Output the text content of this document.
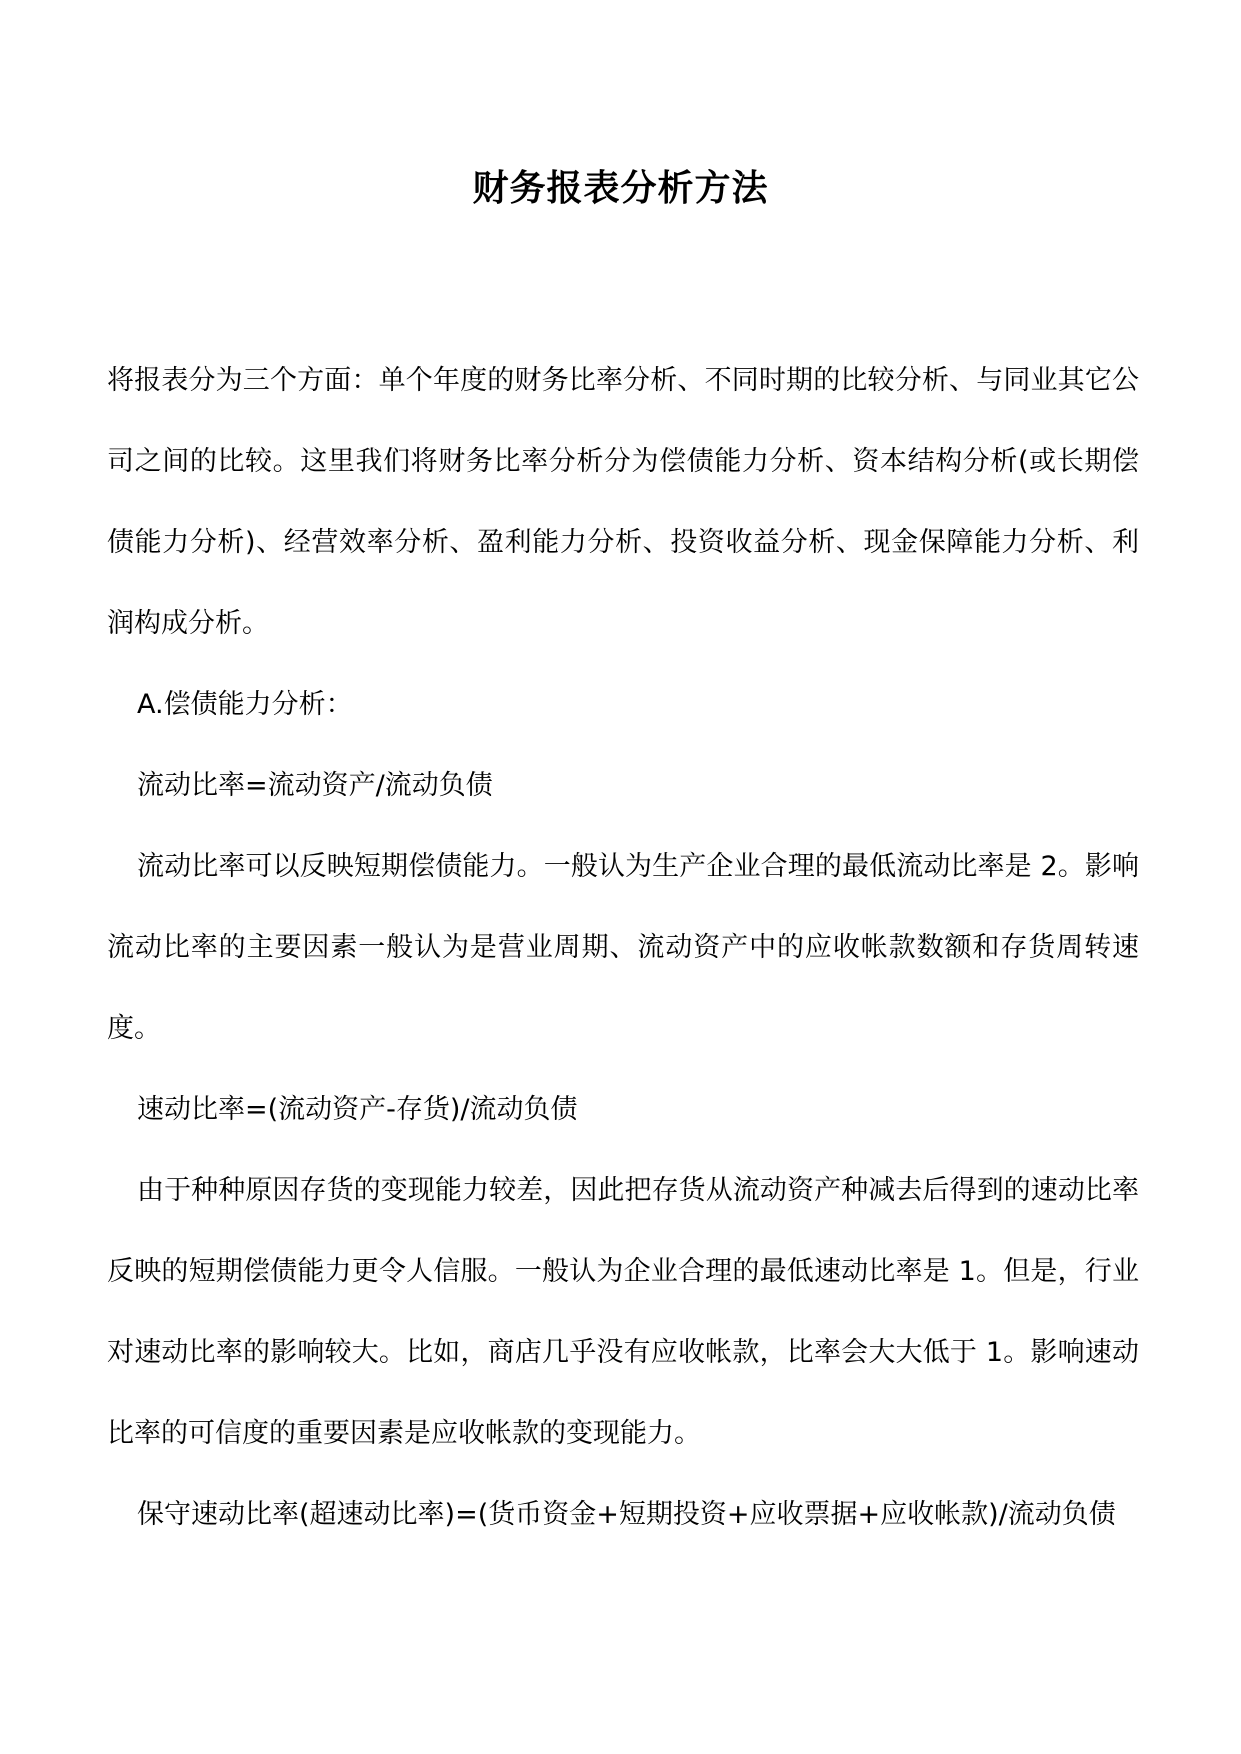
财务报表分析方法

将报表分为三个方面：单个年度的财务比率分析、不同时期的比较分析、与同业其它公司之间的比较。这里我们将财务比率分析分为偿债能力分析、资本结构分析(或长期偿债能力分析)、经营效率分析、盈利能力分析、投资收益分析、现金保障能力分析、利润构成分析。

A.偿债能力分析：

流动比率=流动资产/流动负债

流动比率可以反映短期偿债能力。一般认为生产企业合理的最低流动比率是 2。影响流动比率的主要因素一般认为是营业周期、流动资产中的应收帐款数额和存货周转速度。

速动比率=(流动资产-存货)/流动负债

由于种种原因存货的变现能力较差，因此把存货从流动资产种减去后得到的速动比率反映的短期偿债能力更令人信服。一般认为企业合理的最低速动比率是 1。但是，行业对速动比率的影响较大。比如，商店几乎没有应收帐款，比率会大大低于 1。影响速动比率的可信度的重要因素是应收帐款的变现能力。

保守速动比率(超速动比率)=(货币资金+短期投资+应收票据+应收帐款)/流动负债
